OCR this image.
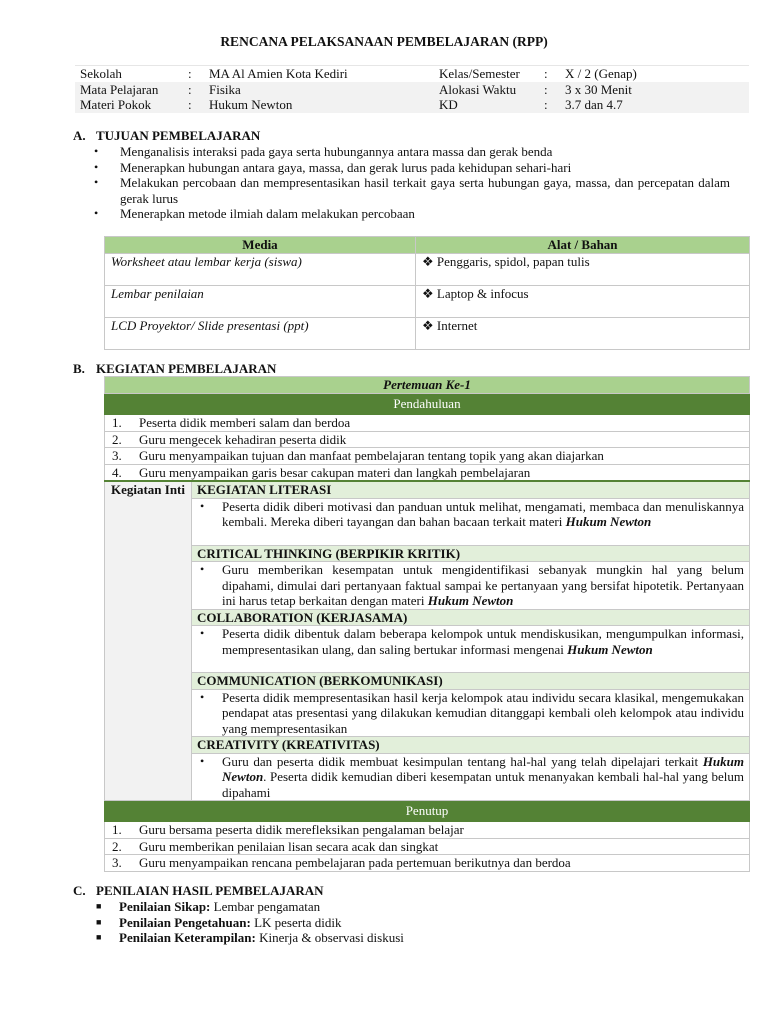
RENCANA PELAKSANAAN PEMBELAJARAN (RPP)
Sekolah	:	MA Al Amien Kota Kediri	Kelas/Semester	:	X / 2 (Genap)
Mata Pelajaran	:	Fisika	Alokasi Waktu	:	3 x 30 Menit
Materi Pokok	:	Hukum Newton	KD	:	3.7 dan 4.7
A. TUJUAN PEMBELAJARAN
• Menganalisis interaksi pada gaya serta hubungannya antara massa dan gerak benda
• Menerapkan hubungan antara gaya, massa, dan gerak lurus pada kehidupan sehari-hari
• Melakukan percobaan dan mempresentasikan hasil terkait gaya serta hubungan gaya, massa, dan percepatan dalam gerak lurus
• Menerapkan metode ilmiah dalam melakukan percobaan
Media	Alat / Bahan
Worksheet atau lembar kerja (siswa)	❖ Penggaris, spidol, papan tulis
Lembar penilaian	❖ Laptop & infocus
LCD Proyektor/ Slide presentasi (ppt)	❖ Internet
B. KEGIATAN PEMBELAJARAN
Pertemuan Ke-1
Pendahuluan
1. Peserta didik memberi salam dan berdoa
2. Guru mengecek kehadiran peserta didik
3. Guru menyampaikan tujuan dan manfaat pembelajaran tentang topik yang akan diajarkan
4. Guru menyampaikan garis besar cakupan materi dan langkah pembelajaran
Kegiatan Inti	KEGIATAN LITERASI

• Peserta didik diberi motivasi dan panduan untuk melihat, mengamati, membaca dan menuliskannya kembali. Mereka diberi tayangan dan bahan bacaan terkait materi Hukum Newton
CRITICAL THINKING (BERPIKIR KRITIK)

• Guru memberikan kesempatan untuk mengidentifikasi sebanyak mungkin hal yang belum dipahami, dimulai dari pertanyaan faktual sampai ke pertanyaan yang bersifat hipotetik. Pertanyaan ini harus tetap berkaitan dengan materi Hukum Newton
COLLABORATION (KERJASAMA)

• Peserta didik dibentuk dalam beberapa kelompok untuk mendiskusikan, mengumpulkan informasi, mempresentasikan ulang, dan saling bertukar informasi mengenai Hukum Newton
COMMUNICATION (BERKOMUNIKASI)

• Peserta didik mempresentasikan hasil kerja kelompok atau individu secara klasikal, mengemukakan pendapat atas presentasi yang dilakukan kemudian ditanggapi kembali oleh kelompok atau individu yang mempresentasikan
CREATIVITY (KREATIVITAS)

• Guru dan peserta didik membuat kesimpulan tentang hal-hal yang telah dipelajari terkait Hukum Newton. Peserta didik kemudian diberi kesempatan untuk menanyakan kembali hal-hal yang belum dipahami
Penutup
1. Guru bersama peserta didik merefleksikan pengalaman belajar
2. Guru memberikan penilaian lisan secara acak dan singkat
3. Guru menyampaikan rencana pembelajaran pada pertemuan berikutnya dan berdoa
C. PENILAIAN HASIL PEMBELAJARAN
■ Penilaian Sikap: Lembar pengamatan
■ Penilaian Pengetahuan: LK peserta didik
■ Penilaian Keterampilan: Kinerja & observasi diskusi
